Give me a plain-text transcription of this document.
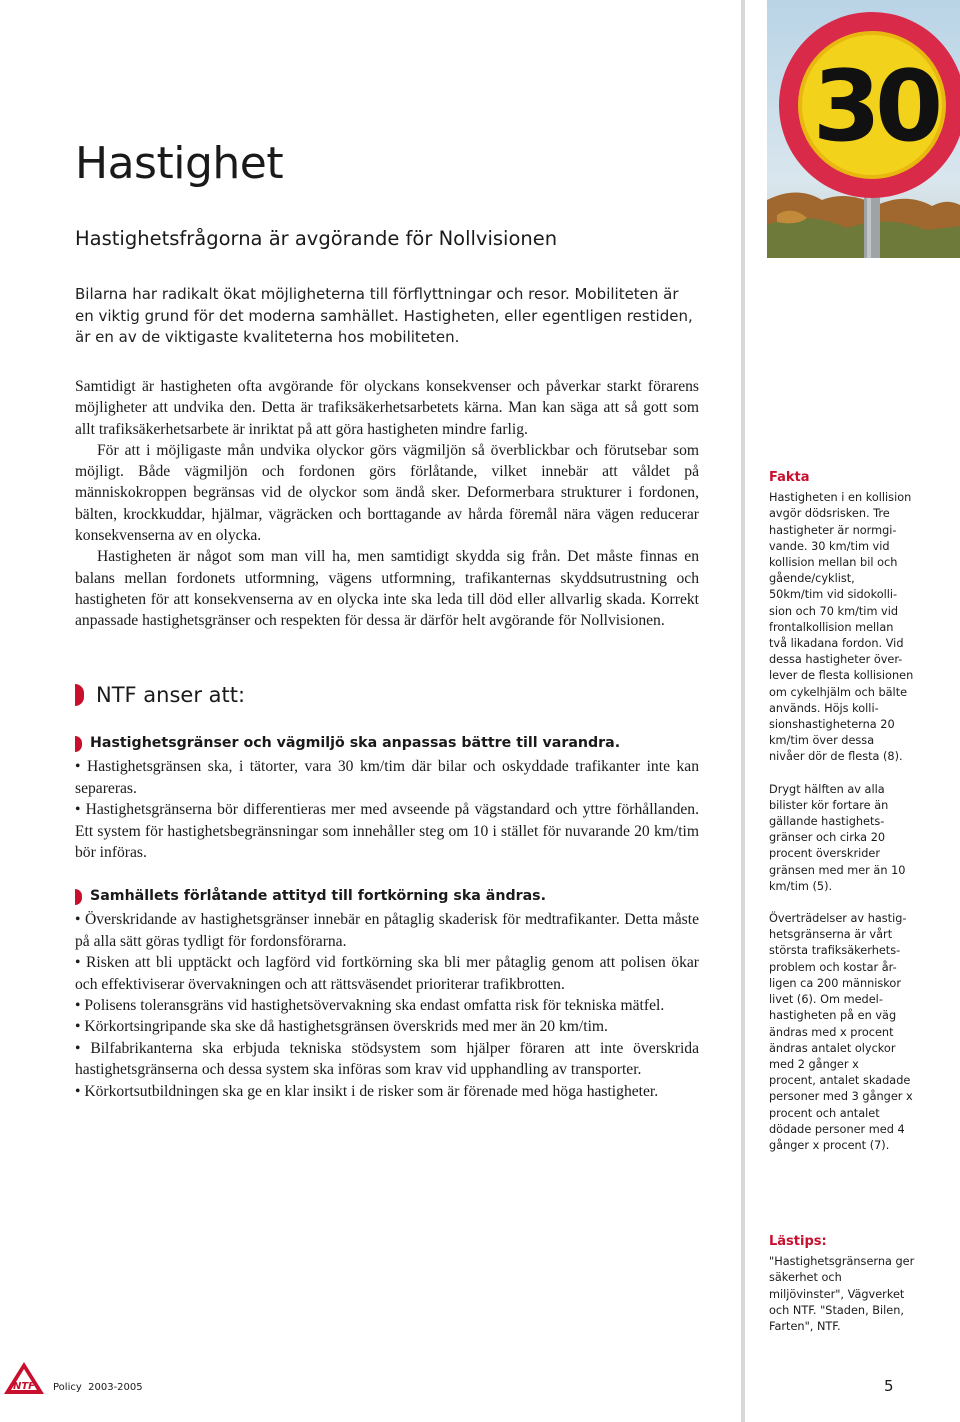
Hastighet
Hastighetsfrågorna är avgörande för Nollvisionen

Bilarna har radikalt ökat möjligheterna till förflyttningar och resor. Mobiliteten är en viktig grund för det moderna samhället. Hastigheten, eller egentligen restiden, är en av de viktigaste kvaliteterna hos mobiliteten.

Samtidigt är hastigheten ofta avgörande för olyckans konsekvenser och påverkar starkt förarens möjligheter att undvika den. Detta är trafiksäkerhetsarbetets kärna. Man kan säga att så gott som allt trafiksäkerhetsarbete är inriktat på att göra hastigheten mindre farlig.

För att i möjligaste mån undvika olyckor görs vägmiljön så överblickbar och förutsebar som möjligt. Både vägmiljön och fordonen görs förlåtande, vilket innebär att våldet på människokroppen begränsas vid de olyckor som ändå sker. Deformerbara strukturer i fordonen, bälten, krockkuddar, hjälmar, vägräcken och borttagande av hårda föremål nära vägen reducerar konsekvenserna av en olycka.

Hastigheten är något som man vill ha, men samtidigt skydda sig från. Det måste finnas en balans mellan fordonets utformning, vägens utformning, trafikanternas skyddsutrustning och hastigheten för att konsekvenserna av en olycka inte ska leda till död eller allvarlig skada. Korrekt anpassade hastighetsgränser och respekten för dessa är därför helt avgörande för Nollvisionen.

NTF anser att:
Hastighetsgränser och vägmiljö ska anpassas bättre till varandra.

• Hastighetsgränsen ska, i tätorter, vara 30 km/tim där bilar och oskyddade trafikanter inte kan separeras.

• Hastighetsgränserna bör differentieras mer med avseende på vägstandard och yttre förhållanden. Ett system för hastighetsbegränsningar som innehåller steg om 10 i stället för nuvarande 20 km/tim bör införas.

Samhällets förlåtande attityd till fortkörning ska ändras.

• Överskridande av hastighetsgränser innebär en påtaglig skaderisk för medtrafikanter. Detta måste på alla sätt göras tydligt för fordonsförarna.

• Risken att bli upptäckt och lagförd vid fortkörning ska bli mer påtaglig genom att polisen ökar och effektiviserar övervakningen och att rättsväsendet prioriterar trafikbrotten.

• Polisens toleransgräns vid hastighetsövervakning ska endast omfatta risk för tekniska mätfel.

• Körkortsingripande ska ske då hastighetsgränsen överskrids med mer än 20 km/tim.

• Bilfabrikanterna ska erbjuda tekniska stödsystem som hjälper föraren att inte överskrida hastighetsgränserna och dessa system ska införas som krav vid upphandling av transporter.

• Körkortsutbildningen ska ge en klar insikt i de risker som är förenade med höga hastigheter.

30
Fakta

Hastigheten i en kollision
avgör dödsrisken. Tre
hastigheter är normgi-
vande. 30 km/tim vid
kollision mellan bil och
gående/cyklist,
50km/tim vid sidokolli-
sion och 70 km/tim vid
frontalkollision mellan
två likadana fordon. Vid
dessa hastigheter över-
lever de flesta kollisionen
om cykelhjälm och bälte
används. Höjs kolli-
sionshastigheterna 20
km/tim över dessa
nivåer dör de flesta (8).

Drygt hälften av alla
bilister kör fortare än
gällande hastighets-
gränser och cirka 20
procent överskrider
gränsen med mer än 10
km/tim (5).

Överträdelser av hastig-
hetsgränserna är vårt
största trafiksäkerhets-
problem och kostar år-
ligen ca 200 människor
livet (6). Om medel-
hastigheten på en väg
ändras med x procent
ändras antalet olyckor
med 2 gånger x
procent, antalet skadade
personer med 3 gånger x
procent och antalet
dödade personer med 4
gånger x procent (7).

Lästips:

"Hastighetsgränserna ger
säkerhet och
miljövinster", Vägverket
och NTF. "Staden, Bilen,
Farten", NTF.

NTF Policy  2003-2005	5
